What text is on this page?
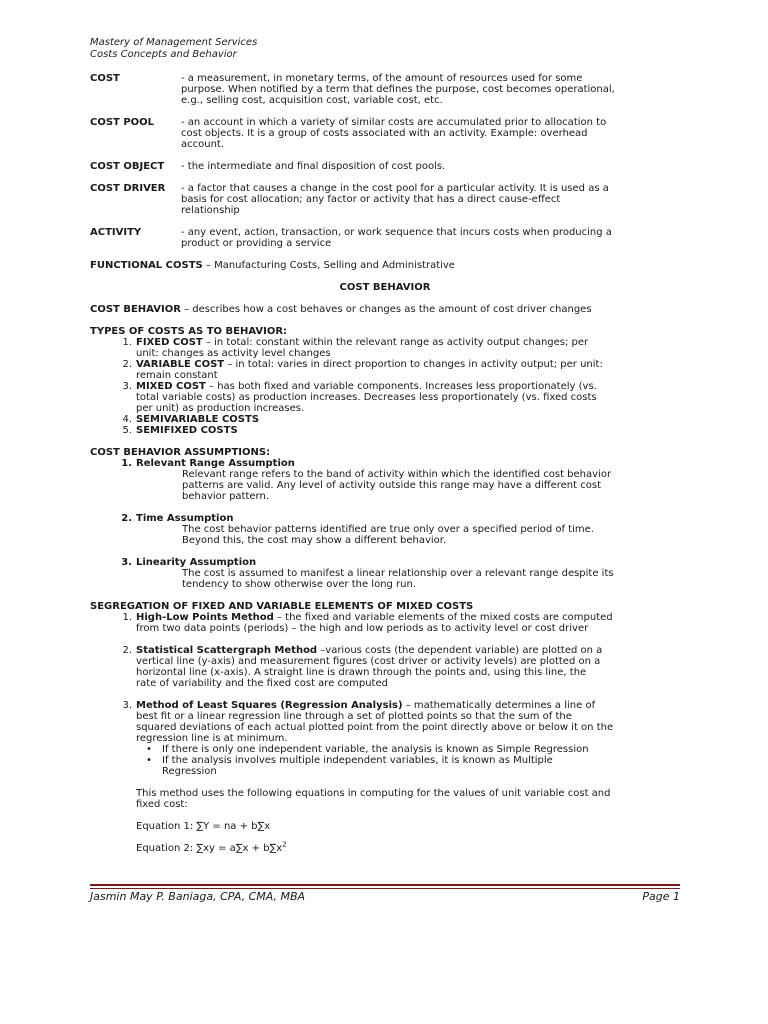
Mastery of Management Services
Costs Concepts and Behavior
COST	- a measurement, in monetary terms, of the amount of resources used for some
purpose. When notified by a term that defines the purpose, cost becomes operational,
e.g., selling cost, acquisition cost, variable cost, etc.
COST POOL	- an account in which a variety of similar costs are accumulated prior to allocation to
cost objects. It is a group of costs associated with an activity. Example: overhead
account.
COST OBJECT	- the intermediate and final disposition of cost pools.
COST DRIVER	- a factor that causes a change in the cost pool for a particular activity. It is used as a
basis for cost allocation; any factor or activity that has a direct cause-effect
relationship
ACTIVITY	- any event, action, transaction, or work sequence that incurs costs when producing a
product or providing a service
FUNCTIONAL COSTS – Manufacturing Costs, Selling and Administrative
COST BEHAVIOR
COST BEHAVIOR – describes how a cost behaves or changes as the amount of cost driver changes
TYPES OF COSTS AS TO BEHAVIOR:
1. FIXED COST – in total: constant within the relevant range as activity output changes; per
unit: changes as activity level changes
2. VARIABLE COST – in total: varies in direct proportion to changes in activity output; per unit:
remain constant
3. MIXED COST – has both fixed and variable components. Increases less proportionately (vs.
total variable costs) as production increases. Decreases less proportionately (vs. fixed costs
per unit) as production increases.
4. SEMIVARIABLE COSTS
5. SEMIFIXED COSTS
COST BEHAVIOR ASSUMPTIONS:
1. Relevant Range Assumption
Relevant range refers to the band of activity within which the identified cost behavior
patterns are valid. Any level of activity outside this range may have a different cost
behavior pattern.
2. Time Assumption
The cost behavior patterns identified are true only over a specified period of time.
Beyond this, the cost may show a different behavior.
3. Linearity Assumption
The cost is assumed to manifest a linear relationship over a relevant range despite its
tendency to show otherwise over the long run.
SEGREGATION OF FIXED AND VARIABLE ELEMENTS OF MIXED COSTS
1. High-Low Points Method – the fixed and variable elements of the mixed costs are computed
from two data points (periods) – the high and low periods as to activity level or cost driver
2. Statistical Scattergraph Method –various costs (the dependent variable) are plotted on a
vertical line (y-axis) and measurement figures (cost driver or activity levels) are plotted on a
horizontal line (x-axis). A straight line is drawn through the points and, using this line, the
rate of variability and the fixed cost are computed
3. Method of Least Squares (Regression Analysis) – mathematically determines a line of
best fit or a linear regression line through a set of plotted points so that the sum of the
squared deviations of each actual plotted point from the point directly above or below it on the
regression line is at minimum.
•	If there is only one independent variable, the analysis is known as Simple Regression
•	If the analysis involves multiple independent variables, it is known as Multiple
Regression
This method uses the following equations in computing for the values of unit variable cost and
fixed cost:
Equation 1: ∑Y = na + b∑x
Equation 2: $\sum xy = a\sum x + b\sum x^2$
Jasmin May P. Baniaga, CPA, CMA, MBA	Page 1
